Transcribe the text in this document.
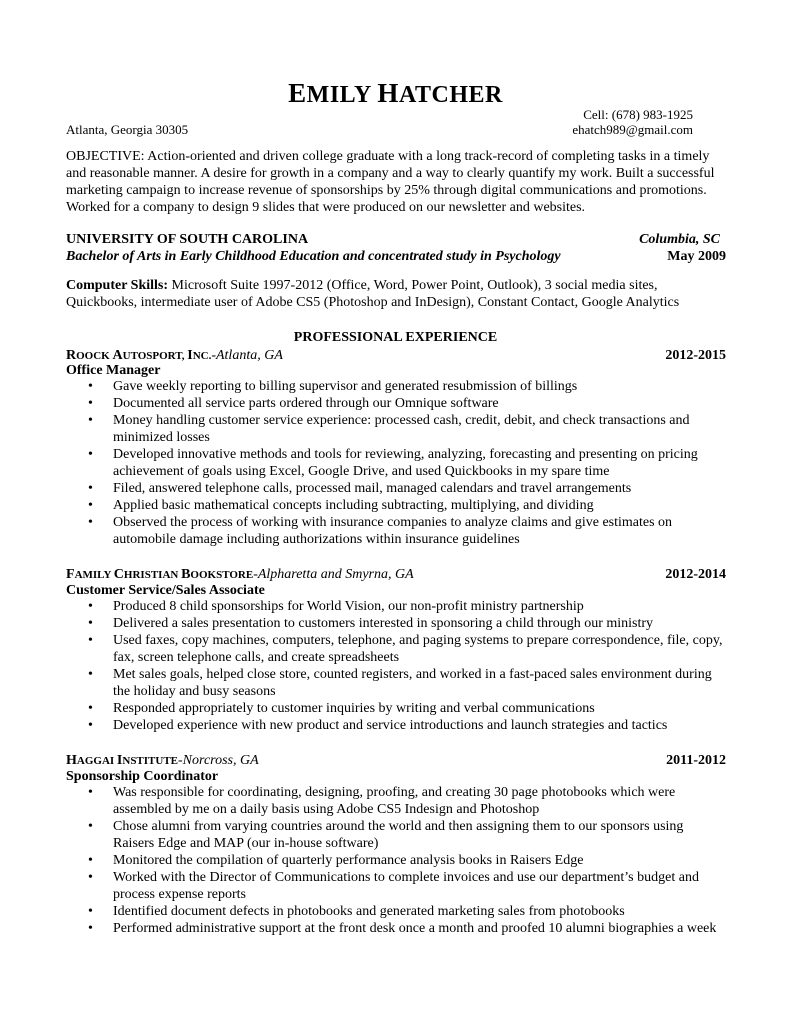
EMILY HATCHER
Cell: (678) 983-1925
ehatch989@gmail.com
Atlanta, Georgia 30305
OBJECTIVE: Action-oriented and driven college graduate with a long track-record of completing tasks in a timely and reasonable manner. A desire for growth in a company and a way to clearly quantify my work. Built a successful marketing campaign to increase revenue of sponsorships by 25% through digital communications and promotions. Worked for a company to design 9 slides that were produced on our newsletter and websites.
UNIVERSITY OF SOUTH CAROLINA	Columbia, SC
Bachelor of Arts in Early Childhood Education and concentrated study in Psychology	May 2009
Computer Skills: Microsoft Suite 1997-2012 (Office, Word, Power Point, Outlook), 3 social media sites, Quickbooks, intermediate user of Adobe CS5 (Photoshop and InDesign), Constant Contact, Google Analytics
PROFESSIONAL EXPERIENCE
ROOCK AUTOSPORT, INC.-Atlanta, GA	2012-2015
Office Manager
• Gave weekly reporting to billing supervisor and generated resubmission of billings
• Documented all service parts ordered through our Omnique software
• Money handling customer service experience: processed cash, credit, debit, and check transactions and minimized losses
• Developed innovative methods and tools for reviewing, analyzing, forecasting and presenting on pricing achievement of goals using Excel, Google Drive, and used Quickbooks in my spare time
• Filed, answered telephone calls, processed mail, managed calendars and travel arrangements
• Applied basic mathematical concepts including subtracting, multiplying, and dividing
• Observed the process of working with insurance companies to analyze claims and give estimates on automobile damage including authorizations within insurance guidelines
FAMILY CHRISTIAN BOOKSTORE-Alpharetta and Smyrna, GA	2012-2014
Customer Service/Sales Associate
• Produced 8 child sponsorships for World Vision, our non-profit ministry partnership
• Delivered a sales presentation to customers interested in sponsoring a child through our ministry
• Used faxes, copy machines, computers, telephone, and paging systems to prepare correspondence, file, copy, fax, screen telephone calls, and create spreadsheets
• Met sales goals, helped close store, counted registers, and worked in a fast-paced sales environment during the holiday and busy seasons
• Responded appropriately to customer inquiries by writing and verbal communications
• Developed experience with new product and service introductions and launch strategies and tactics
HAGGAI INSTITUTE-Norcross, GA	2011-2012
Sponsorship Coordinator
• Was responsible for coordinating, designing, proofing, and creating 30 page photobooks which were assembled by me on a daily basis using Adobe CS5 Indesign and Photoshop
• Chose alumni from varying countries around the world and then assigning them to our sponsors using Raisers Edge and MAP (our in-house software)
• Monitored the compilation of quarterly performance analysis books in Raisers Edge
• Worked with the Director of Communications to complete invoices and use our department’s budget and process expense reports
• Identified document defects in photobooks and generated marketing sales from photobooks
• Performed administrative support at the front desk once a month and proofed 10 alumni biographies a week
